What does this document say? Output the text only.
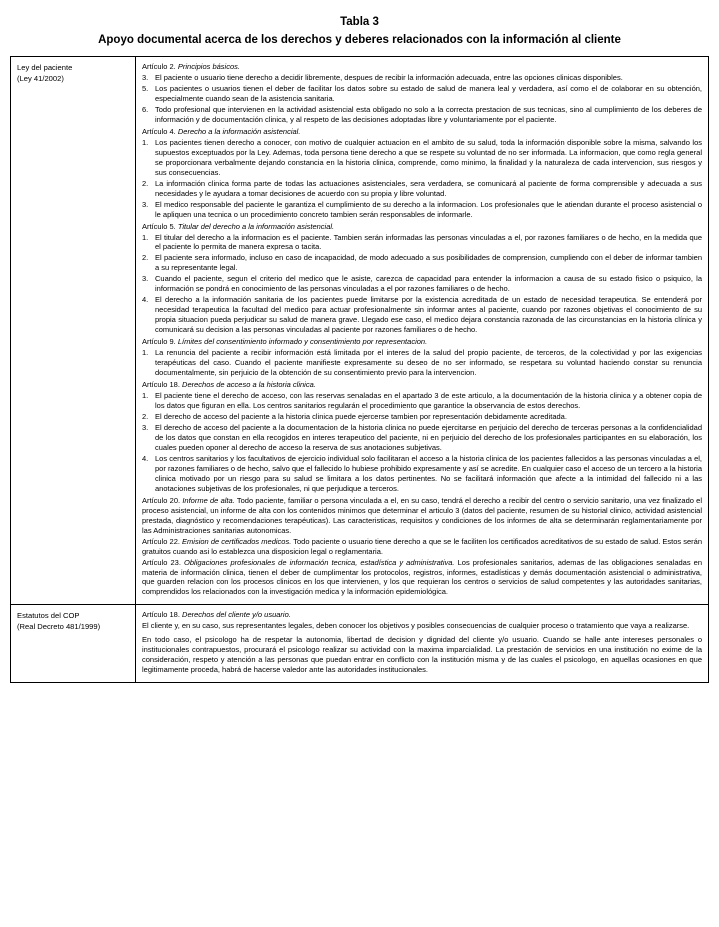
Tabla 3
Apoyo documental acerca de los derechos y deberes relacionados con la información al cliente
Ley del paciente
(Ley 41/2002)

Artículo 2. Principios básicos.
3. El paciente o usuario tiene derecho a decidir libremente, despues de recibir la información adecuada, entre las opciones clinicas disponibles.
5. Los pacientes o usuarios tienen el deber de facilitar los datos sobre su estado de salud de manera leal y verdadera, así como el de colaborar en su obtención, especialmente cuando sean de la asistencia sanitaria.
6. Todo profesional que intervienen en la actividad asistencial esta obligado no solo a la correcta prestacion de sus tecnicas, sino al cumplimiento de los deberes de información y de documentación clinica, y al respeto de las decisiones adoptadas libre y voluntariamente por el paciente.
Artículo 4. Derecho a la información asistencial.
1. Los pacientes tienen derecho a conocer, con motivo de cualquier actuacion en el ambito de su salud, toda la información disponible sobre la misma, salvando los supuestos exceptuados por la Ley. Ademas, toda persona tiene derecho a que se respete su voluntad de no ser informada. La informacion, que como regla general se proporcionara verbalmente dejando constancia en la historia clinica, comprende, como minimo, la finalidad y la naturaleza de cada intervencion, sus riesgos y sus consecuencias.
2. La información clinica forma parte de todas las actuaciones asistenciales, sera verdadera, se comunicará al paciente de forma comprensible y adecuada a sus necesidades y le ayudara a tomar decisiones de acuerdo con su propia y libre voluntad.
3. El medico responsable del paciente le garantiza el cumplimiento de su derecho a la informacion. Los profesionales que le atiendan durante el proceso asistencial o le apliquen una tecnica o un procedimiento concreto tambien serán responsables de informarle.
Artículo 5. Titular del derecho a la información asistencial.
1. El titular del derecho a la informacion es el paciente. Tambien serán informadas las personas vinculadas a el, por razones familiares o de hecho, en la medida que el paciente lo permita de manera expresa o tacita.
2. El paciente sera informado, incluso en caso de incapacidad, de modo adecuado a sus posibilidades de comprension, cumpliendo con el deber de informar tambien a su representante legal.
3. Cuando el paciente, segun el criterio del medico que le asiste, carezca de capacidad para entender la informacion a causa de su estado fisico o psiquico, la información se pondrá en conocimiento de las personas vinculadas a el por razones familiares o de hecho.
4. El derecho a la información sanitaria de los pacientes puede limitarse por la existencia acreditada de un estado de necesidad terapeutica. Se entenderá por necesidad terapeutica la facultad del medico para actuar profesionalmente sin informar antes al paciente, cuando por razones objetivas el conocimiento de su propia situacion pueda perjudicar su salud de manera grave. Llegado ese caso, el medico dejara constancia razonada de las circunstancias en la historia clínica y comunicará su decision a las personas vinculadas al paciente por razones familiares o de hecho.
Artículo 9. Límites del consentimiento informado y consentimiento por representacion.
1. La renuncia del paciente a recibir información está limitada por el interes de la salud del propio paciente, de terceros, de la colectividad y por las exigencias terapéuticas del caso. Cuando el paciente manifieste expresamente su deseo de no ser informado, se respetara su voluntad haciendo constar su renuncia documentalmente, sin perjuicio de la obtención de su consentimiento previo para la intervencion.
Artículo 18. Derechos de acceso a la historia clinica.
1. El paciente tiene el derecho de acceso, con las reservas senaladas en el apartado 3 de este articulo, a la documentación de la historia clinica y a obtener copia de los datos que figuran en ella. Los centros sanitarios regularán el procedimiento que garantice la observancia de estos derechos.
2. El derecho de acceso del paciente a la historia clinica puede ejercerse tambien por representación debidamente acreditada.
3. El derecho de acceso del paciente a la documentacion de la historia clinica no puede ejercitarse en perjuicio del derecho de terceras personas a la confidencialidad de los datos que constan en ella recogidos en interes terapeutico del paciente, ni en perjuicio del derecho de los profesionales participantes en su elaboración, los cuales pueden oponer al derecho de acceso la reserva de sus anotaciones subjetivas.
4. Los centros sanitarios y los facultativos de ejercicio individual solo facilitaran el acceso a la historia clinica de los pacientes fallecidos a las personas vinculadas a el, por razones familiares o de hecho, salvo que el fallecido lo hubiese prohibido expresamente y así se acredite. En cualquier caso el acceso de un tercero a la historia clinica motivado por un riesgo para su salud se limitara a los datos pertinentes. No se facilitará información que afecte a la intimidad del fallecido ni a las anotaciones subjetivas de los profesionales, ni que perjudique a terceros.
Artículo 20. Informe de alta. Todo paciente, familiar o persona vinculada a el, en su caso, tendrá el derecho a recibir del centro o servicio sanitario, una vez finalizado el proceso asistencial, un informe de alta con los contenidos minimos que determinar el articulo 3 (datos del paciente, resumen de su historial clinico, actividad asistencial prestada, diagnóstico y recomendaciones terapéuticas). Las caracteristicas, requisitos y condiciones de los informes de alta se determinarán reglamentariamente por las Administraciones sanitarias autonomicas.
Artículo 22. Emision de certificados medicos. Todo paciente o usuario tiene derecho a que se le faciliten los certificados acreditativos de su estado de salud. Estos serán gratuitos cuando asi lo establezca una disposicion legal o reglamentaria.
Artículo 23. Obligaciones profesionales de información tecnica, estadística y administrativa. Los profesionales sanitarios, ademas de las obligaciones senaladas en materia de información clinica, tienen el deber de cumplimentar los protocolos, registros, informes, estadísticas y demás documentación asistencial o administrativa, que guarden relacion con los procesos clinicos en los que intervienen, y los que requieran los centros o servicios de salud competentes y las autoridades sanitarias, comprendidos los relacionados con la investigación medica y la información epidemiológica.

Estatutos del COP
(Real Decreto 481/1999)

Artículo 18. Derechos del cliente y/o usuario.
El cliente y, en su caso, sus representantes legales, deben conocer los objetivos y posibles consecuencias de cualquier proceso o tratamiento que vaya a realizarse.
En todo caso, el psicologo ha de respetar la autonomia, libertad de decision y dignidad del cliente y/o usuario. Cuando se halle ante intereses personales o institucionales contrapuestos, procurará el psicologo realizar su actividad con la maxima imparcialidad. La prestación de servicios en una institución no exime de la consideración, respeto y atención a las personas que puedan entrar en conflicto con la institución misma y de las cuales el psicologo, en aquellas ocasiones en que legitimamente proceda, habrá de hacerse valedor ante las autoridades institucionales.
